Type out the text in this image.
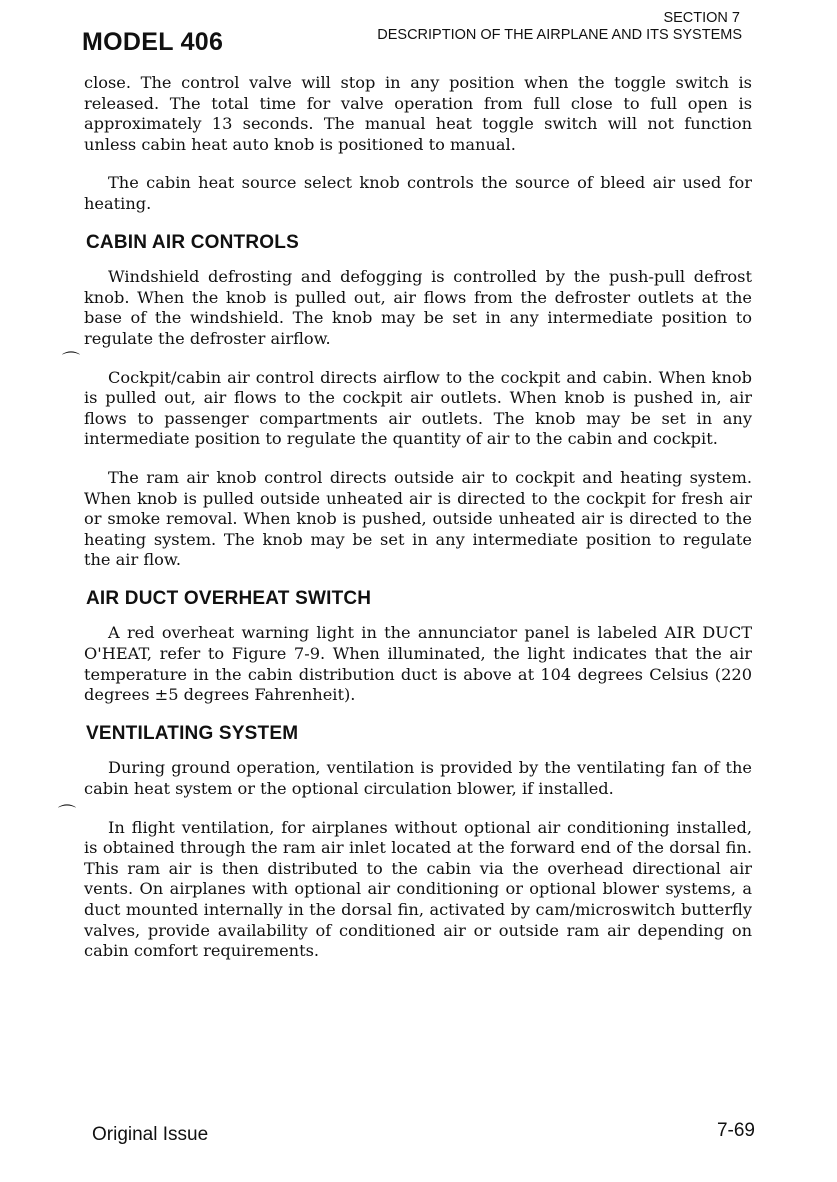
MODEL 406
SECTION 7
DESCRIPTION OF THE AIRPLANE AND ITS SYSTEMS
⌒
⌒

close. The control valve will stop in any position when the toggle switch is released. The total time for valve operation from full close to full open is approximately 13 seconds. The manual heat toggle switch will not function unless cabin heat auto knob is positioned to manual.

The cabin heat source select knob controls the source of bleed air used for heating.

CABIN AIR CONTROLS

Windshield defrosting and defogging is controlled by the push-pull defrost knob. When the knob is pulled out, air flows from the defroster outlets at the base of the windshield. The knob may be set in any intermediate position to regulate the defroster airflow.

Cockpit/cabin air control directs airflow to the cockpit and cabin. When knob is pulled out, air flows to the cockpit air outlets. When knob is pushed in, air flows to passenger compartments air outlets. The knob may be set in any intermediate position to regulate the quantity of air to the cabin and cockpit.

The ram air knob control directs outside air to cockpit and heating system. When knob is pulled outside unheated air is directed to the cockpit for fresh air or smoke removal. When knob is pushed, outside unheated air is directed to the heating system. The knob may be set in any intermediate position to regulate the air flow.

AIR DUCT OVERHEAT SWITCH

A red overheat warning light in the annunciator panel is labeled AIR DUCT O'HEAT, refer to Figure 7-9. When illuminated, the light indicates that the air temperature in the cabin distribution duct is above at 104 degrees Celsius (220 degrees ±5 degrees Fahrenheit).

VENTILATING SYSTEM

During ground operation, ventilation is provided by the ventilating fan of the cabin heat system or the optional circulation blower, if installed.

In flight ventilation, for airplanes without optional air conditioning installed, is obtained through the ram air inlet located at the forward end of the dorsal fin. This ram air is then distributed to the cabin via the overhead directional air vents. On airplanes with optional air conditioning or optional blower systems, a duct mounted internally in the dorsal fin, activated by cam/microswitch butterfly valves, provide availability of conditioned air or outside ram air depending on cabin comfort requirements.

Original Issue	7-69
